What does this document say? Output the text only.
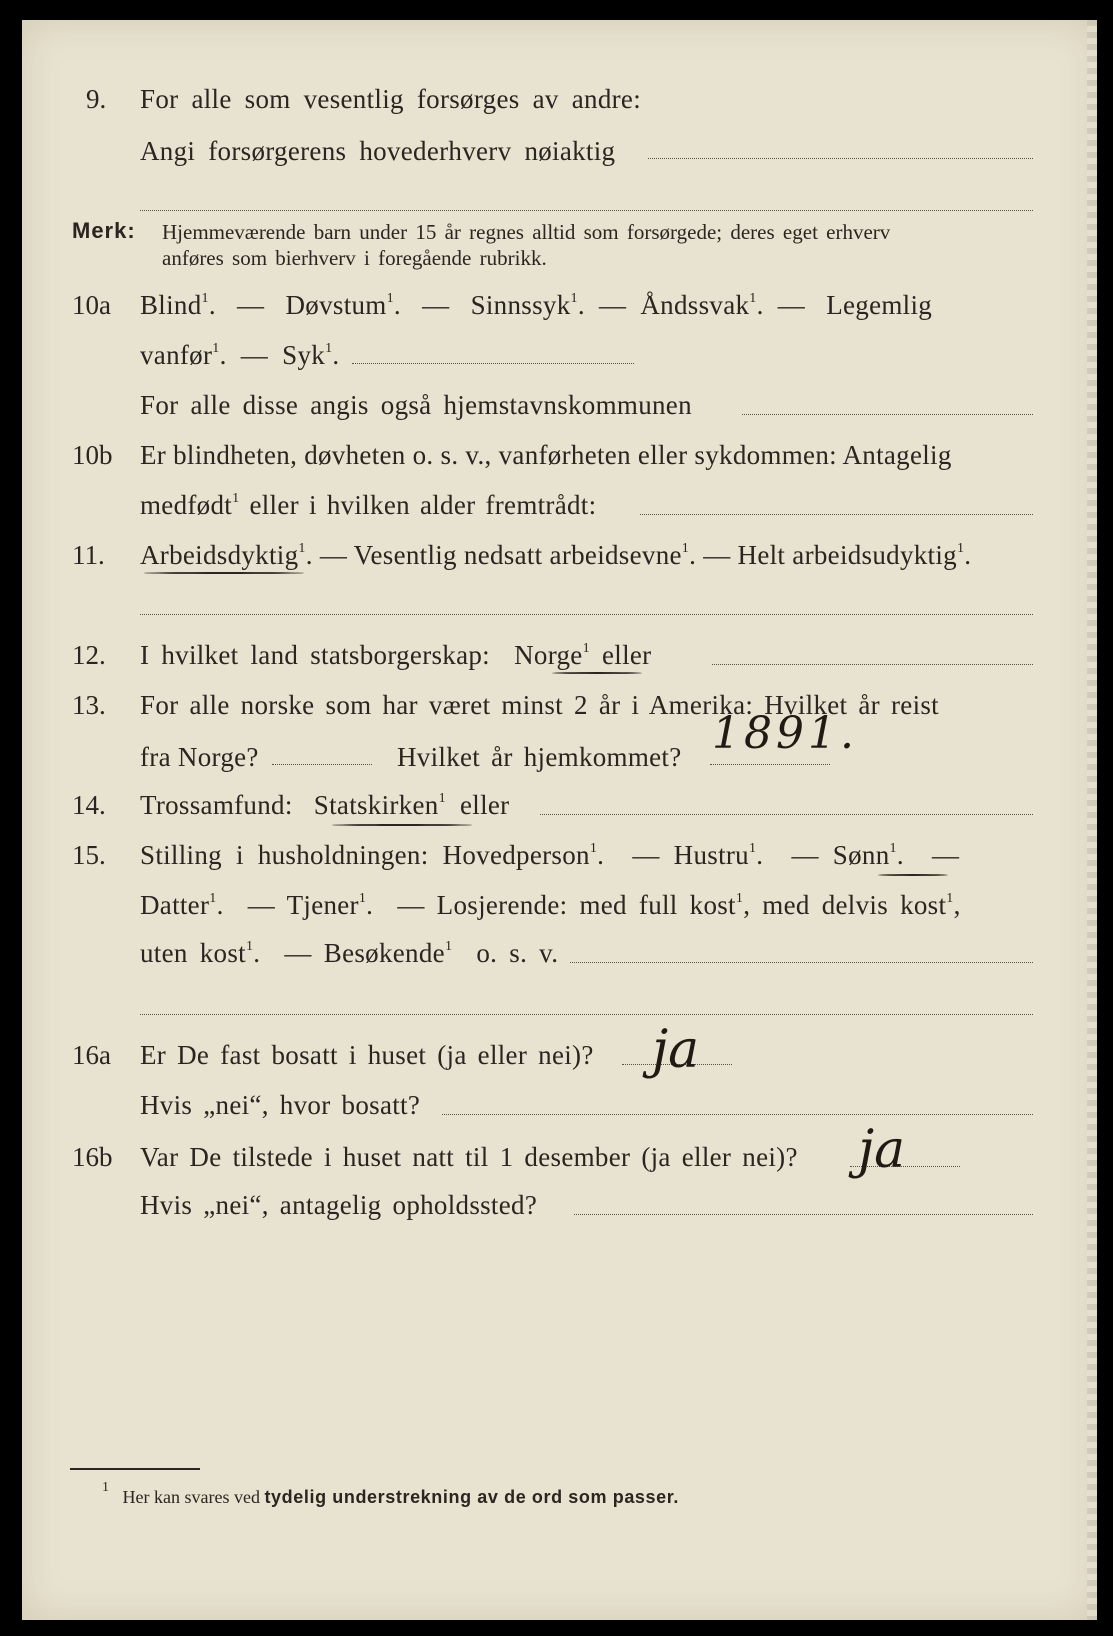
9. For alle som vesentlig forsørges av andre:
Angi forsørgerens hovederhverv nøiaktig
Merk: Hjemmeværende barn under 15 år regnes alltid som forsørgede; deres eget erhverv
anføres som bierhverv i foregående rubrikk.
10a Blind$^1$.   —   Døvstum$^1$.   —   Sinnssyk$^1$.  —  Åndssvak$^1$.  —   Legemlig
vanfør$^1$.  —  Syk$^1$.
For alle disse angis også hjemstavnskommunen
10b Er blindheten, døvheten o. s. v., vanførheten eller sykdommen: Antagelig
medfødt$^1$ eller i hvilken alder fremtrådt:
11. Arbeidsdyktig$^1$. — Vesentlig nedsatt arbeidsevne$^1$. — Helt arbeidsudyktig$^1$.
12. I hvilket land statsborgerskap: Norge$^1$ eller
13. For alle norske som har været minst 2 år i Amerika: Hvilket år reist
fra Norge?	Hvilket år hjemkommet? 1891.
14. Trossamfund: Statskirken$^1$ eller
15. Stilling i husholdningen: Hovedperson$^1$.  — Hustru$^1$.  — Sønn$^1$.  —
Datter$^1$.  — Tjener$^1$.  — Losjerende: med full kost$^1$, med delvis kost$^1$,
uten kost$^1$.  — Besøkende$^1$ o. s. v.
16a Er De fast bosatt i huset (ja eller nei)? ja
Hvis „nei“, hvor bosatt?
16b Var De tilstede i huset natt til 1 desember (ja eller nei)? ja
Hvis „nei“, antagelig opholdssted?
$^1$ Her kan svares ved tydelig understrekning av de ord som passer.
